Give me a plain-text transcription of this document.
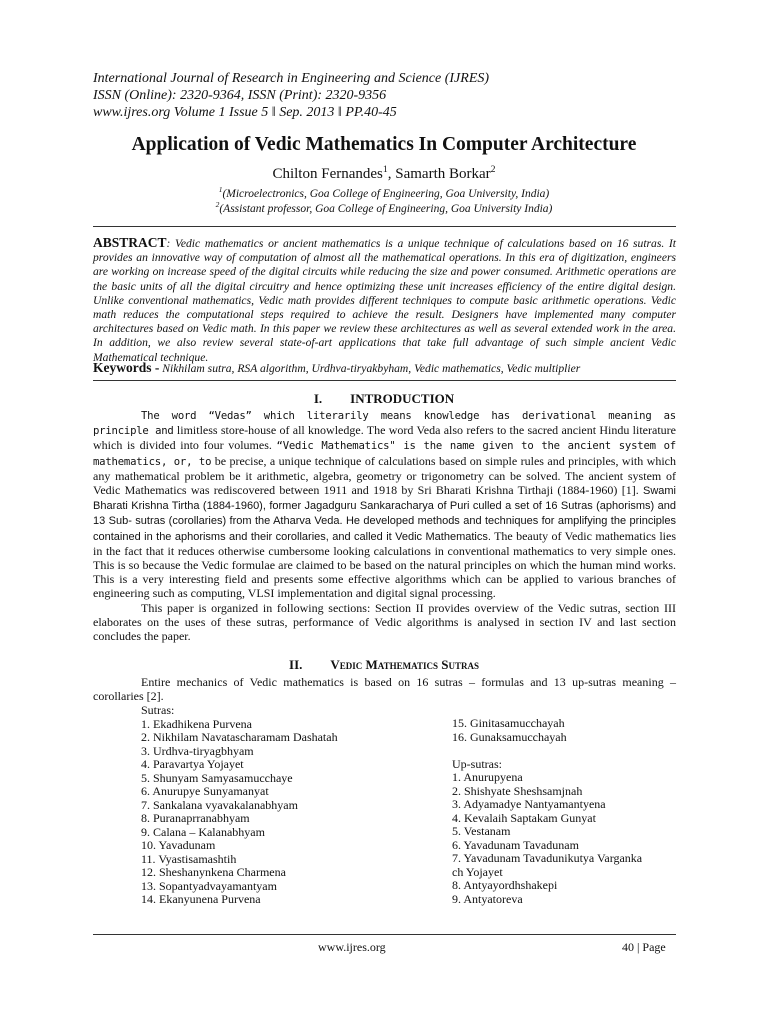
International Journal of Research in Engineering and Science (IJRES)
ISSN (Online): 2320-9364, ISSN (Print): 2320-9356
www.ijres.org Volume 1 Issue 5 ǁ Sep. 2013 ǁ PP.40-45
Application of Vedic Mathematics In Computer Architecture
Chilton Fernandes$^1$, Samarth Borkar$^2$
$^1$(Microelectronics, Goa College of Engineering, Goa University, India)
$^2$(Assistant professor, Goa College of Engineering, Goa University India)
ABSTRACT: Vedic mathematics or ancient mathematics is a unique technique of calculations based on 16 sutras. It provides an innovative way of computation of almost all the mathematical operations. In this era of digitization, engineers are working on increase speed of the digital circuits while reducing the size and power consumed. Arithmetic operations are the basic units of all the digital circuitry and hence optimizing these unit increases efficiency of the entire digital design. Unlike conventional mathematics, Vedic math provides different techniques to compute basic arithmetic operations. Vedic math reduces the computational steps required to achieve the result. Designers have implemented many computer architectures based on Vedic math. In this paper we review these architectures as well as several extended work in the area. In addition, we also review several state-of-art applications that take full advantage of such simple ancient Vedic Mathematical technique.
Keywords - Nikhilam sutra, RSA algorithm, Urdhva-tiryakbyham, Vedic mathematics, Vedic multiplier
I. INTRODUCTION

The word “Vedas” which literarily means knowledge has derivational meaning as principle and limitless store-house of all knowledge. The word Veda also refers to the sacred ancient Hindu literature which is divided into four volumes. “Vedic Mathematics" is the name given to the ancient system of mathematics, or, to be precise, a unique technique of calculations based on simple rules and principles, with which any mathematical problem be it arithmetic, algebra, geometry or trigonometry can be solved. The ancient system of Vedic Mathematics was rediscovered between 1911 and 1918 by Sri Bharati Krishna Tirthaji (1884-1960) [1]. Swami Bharati Krishna Tirtha (1884-1960), former Jagadguru Sankaracharya of Puri culled a set of 16 Sutras (aphorisms) and 13 Sub- sutras (corollaries) from the Atharva Veda. He developed methods and techniques for amplifying the principles contained in the aphorisms and their corollaries, and called it Vedic Mathematics. The beauty of Vedic mathematics lies in the fact that it reduces otherwise cumbersome looking calculations in conventional mathematics to very simple ones. This is so because the Vedic formulae are claimed to be based on the natural principles on which the human mind works. This is a very interesting field and presents some effective algorithms which can be applied to various branches of engineering such as computing, VLSI implementation and digital signal processing.

This paper is organized in following sections: Section II provides overview of the Vedic sutras, section III elaborates on the uses of these sutras, performance of Vedic algorithms is analysed in section IV and last section concludes the paper.

II. Vedic Mathematics Sutras

Entire mechanics of Vedic mathematics is based on 16 sutras – formulas and 13 up-sutras meaning – corollaries [2].

Sutras:
1. Ekadhikena Purvena
2. Nikhilam Navatascharamam Dashatah
3. Urdhva-tiryagbhyam
4. Paravartya Yojayet
5. Shunyam Samyasamucchaye
6. Anurupye Sunyamanyat
7. Sankalana vyavakalanabhyam
8. Puranaprranabhyam
9. Calana – Kalanabhyam
10. Yavadunam
11. Vyastisamashtih
12. Sheshanynkena Charmena
13. Sopantyadvayamantyam
14. Ekanyunena Purvena
15. Ginitasamucchayah
16. Gunaksamucchayah
Up-sutras:
1. Anurupyena
2. Shishyate Sheshsamjnah
3. Adyamadye Nantyamantyena
4. Kevalaih Saptakam Gunyat
5. Vestanam
6. Yavadunam Tavadunam
7. Yavadunam Tavadunikutya Varganka
ch Yojayet
8. Antyayordhshakepi
9. Antyatoreva
www.ijres.org	40 | Page
